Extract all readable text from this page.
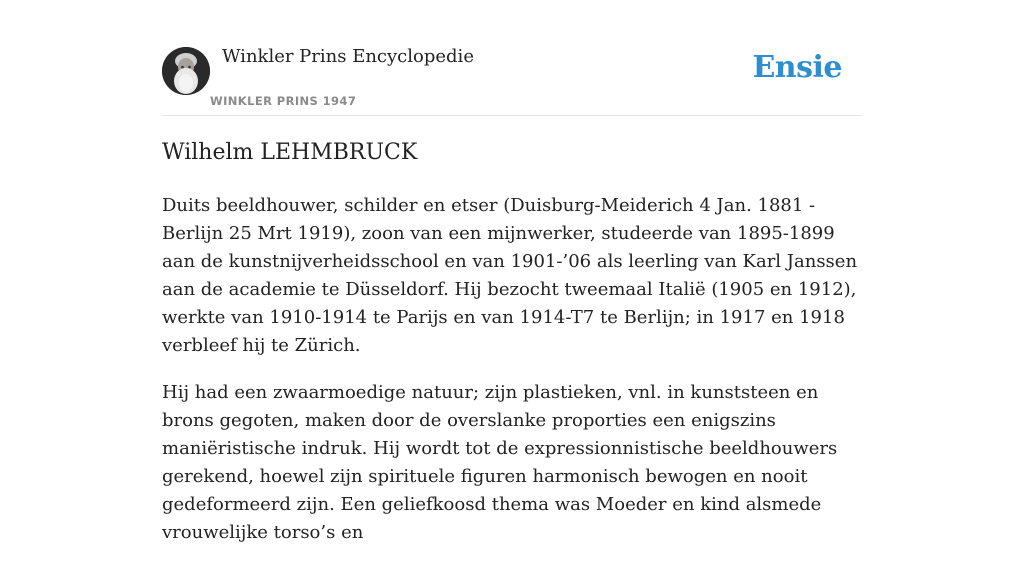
Winkler Prins Encyclopedie
WINKLER PRINS 1947
Ensie
Wilhelm LEHMBRUCK

Duits beeldhouwer, schilder en etser (Duisburg-Meiderich 4 Jan. 1881 -Berlijn 25 Mrt 1919), zoon van een mijnwerker, studeerde van 1895-1899 aan de kunstnijverheidsschool en van 1901-’06 als leerling van Karl Janssen aan de academie te Düsseldorf. Hij bezocht tweemaal Italië (1905 en 1912), werkte van 1910-1914 te Parijs en van 1914-T7 te Berlijn; in 1917 en 1918 verbleef hij te Zürich.

Hij had een zwaarmoedige natuur; zijn plastieken, vnl. in kunststeen en brons gegoten, maken door de overslanke proporties een enigszins maniëristische indruk. Hij wordt tot de expressionnistische beeldhouwers gerekend, hoewel zijn spirituele figuren harmonisch bewogen en nooit gedeformeerd zijn. Een geliefkoosd thema was Moeder en kind alsmede vrouwelijke torso’s en
